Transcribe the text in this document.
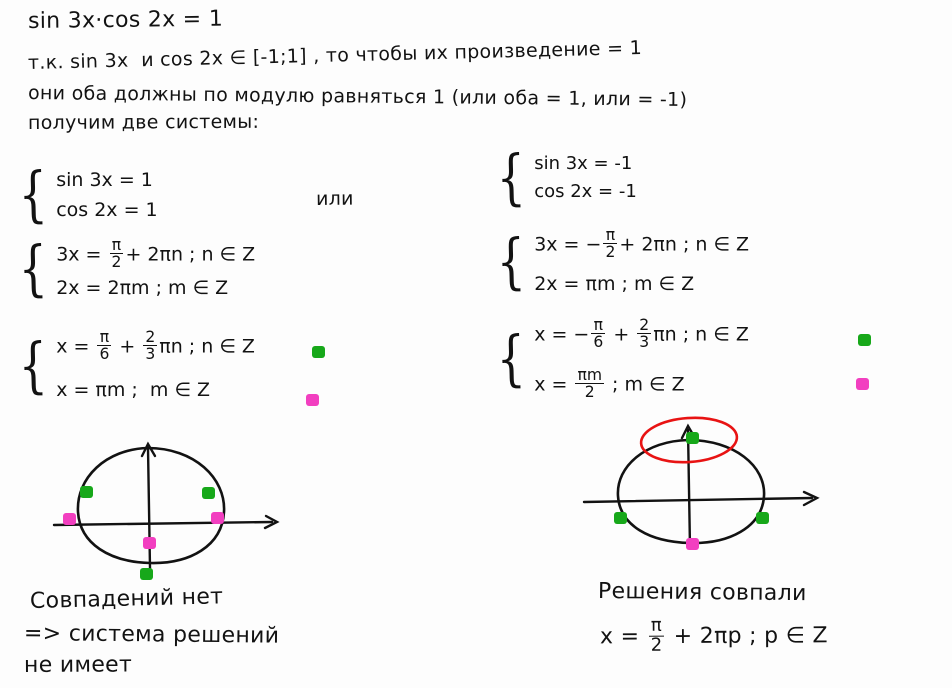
sin 3x·cos 2x = 1
т.к. sin 3x  и cos 2x ∈ [-1;1] , то чтобы их произведение = 1
они оба должны по модулю равняться 1 (или оба = 1, или = -1)
получим две системы:
{ sin 3x = 1
cos 2x = 1	или
{ $3x = \frac{\pi}{2} + 2\pi n$ ; n ∈ Z
2x = 2πm ; m ∈ Z
{ $x = \frac{\pi}{6} + \frac{2}{3}$ πn ; n ∈ Z
x = πm ;  m ∈ Z
Совпадений нет
=> система решений
не имеет
{ sin 3x = -1
cos 2x = -1
{ 3x = − $\frac{\pi}{2} + 2\pi n$ ; n ∈ Z
2x = πm ; m ∈ Z
{ x = − $\frac{\pi}{6} + \frac{2}{3}$ πn ; n ∈ Z
$x = \frac{\pi m}{2}$ ; m ∈ Z
Решения совпали
$x = \frac{\pi}{2} + 2\pi p$ ; p ∈ Z
